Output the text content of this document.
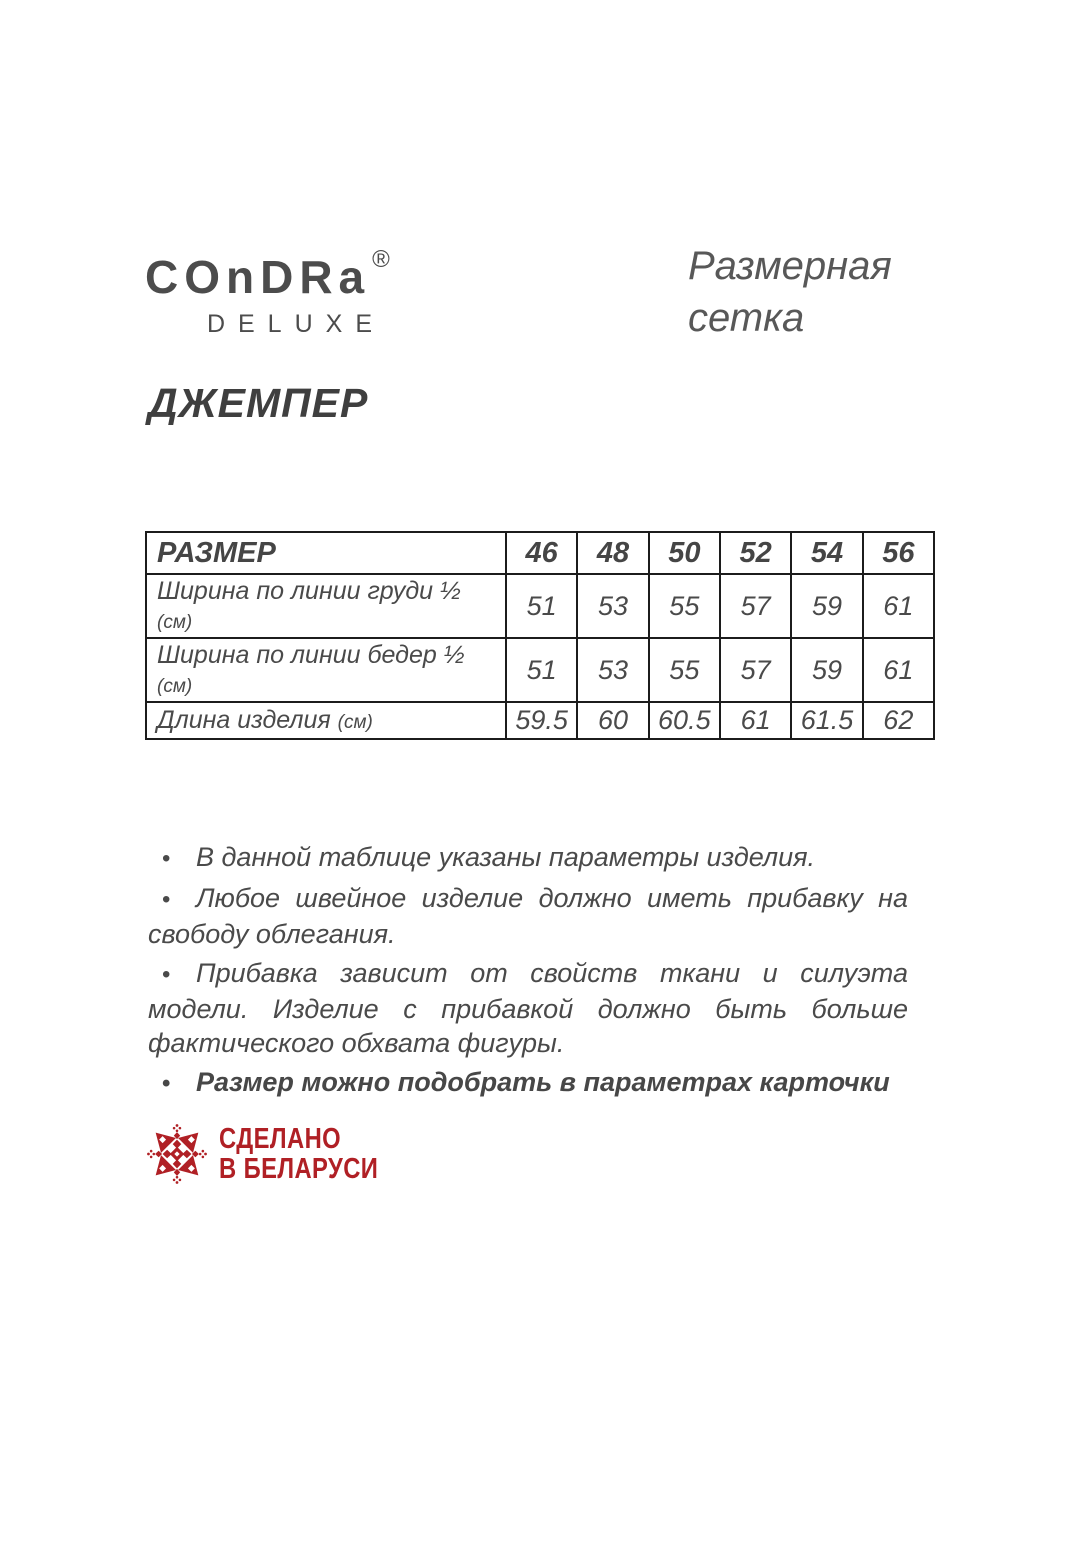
COnDRa®
DELUXE
Размерная
сетка
ДЖЕМПЕР
РАЗМЕР	46	48	50	52	54	56
Ширина по линии груди ½ (см)	51	53	55	57	59	61
Ширина по линии бедер ½ (см)	51	53	55	57	59	61
Длина изделия (см)	59.5	60	60.5	61	61.5	62
• В данной таблице указаны параметры изделия.
• Любое швейное изделие должно иметь прибавку на свободу облегания.
• Прибавка зависит от свойств ткани и силуэта модели. Изделие с прибавкой должно быть больше фактического обхвата фигуры.
• Размер можно подобрать в параметрах карточки
СДЕЛАНО
В БЕЛАРУСИ
